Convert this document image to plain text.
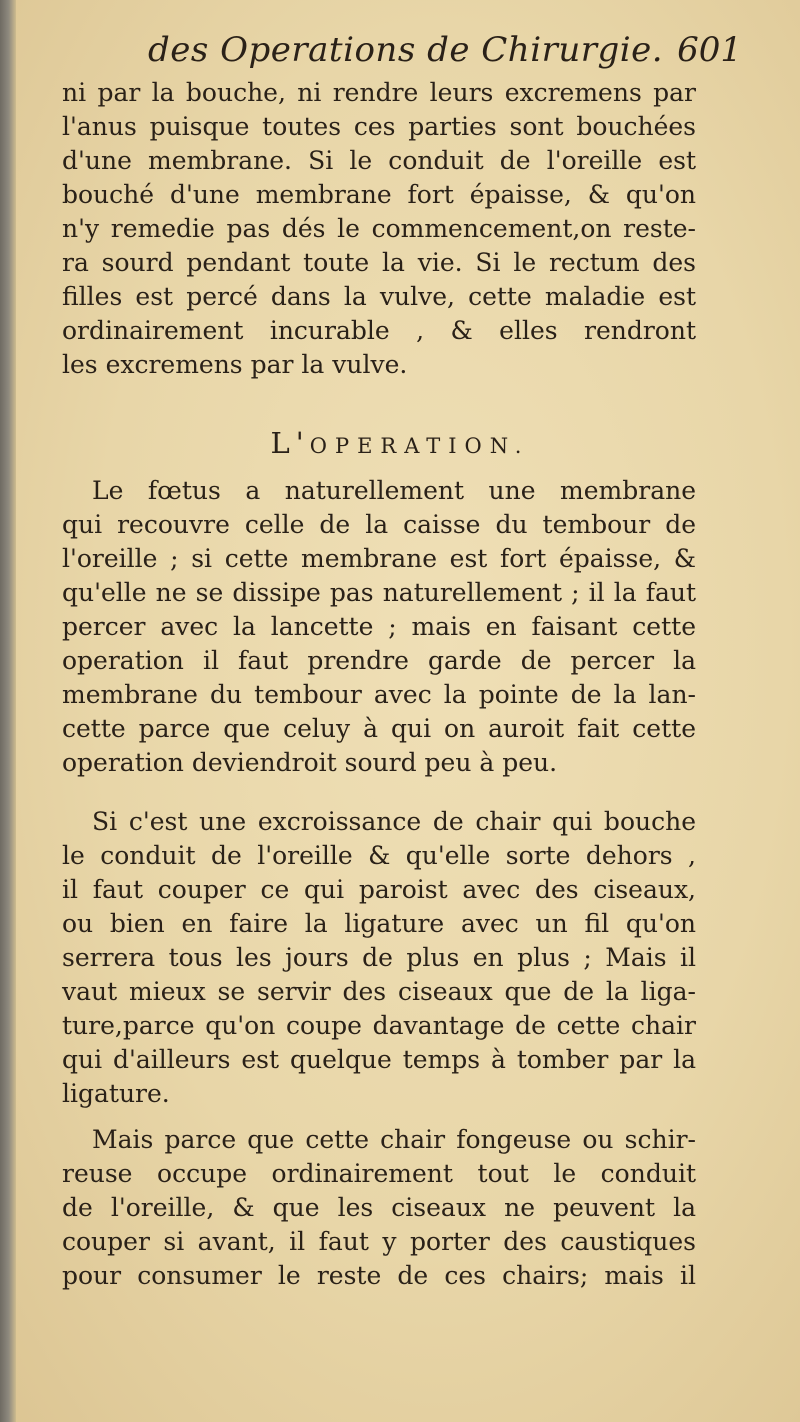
des Operations de Chirurgie. 601
ni par la bouche, ni rendre leurs excremens par
l'anus puisque toutes ces parties sont bouchées
d'une membrane. Si le conduit de l'oreille est
bouché d'une membrane fort épaisse, & qu'on
n'y remedie pas dés le commencement,on reste-
ra sourd pendant toute la vie. Si le rectum des
filles est percé dans la vulve, cette maladie est
ordinairement incurable , & elles rendront
les excremens par la vulve.
L'OPERATION.
Le fœtus a naturellement une membrane
qui recouvre celle de la caisse du tembour de
l'oreille ; si cette membrane est fort épaisse, &
qu'elle ne se dissipe pas naturellement ; il la faut
percer avec la lancette ; mais en faisant cette
operation il faut prendre garde de percer la
membrane du tembour avec la pointe de la lan-
cette parce que celuy à qui on auroit fait cette
operation deviendroit sourd peu à peu.
Si c'est une excroissance de chair qui bouche
le conduit de l'oreille & qu'elle sorte dehors ,
il faut couper ce qui paroist avec des ciseaux,
ou bien en faire la ligature avec un fil qu'on
serrera tous les jours de plus en plus ; Mais il
vaut mieux se servir des ciseaux que de la liga-
ture,parce qu'on coupe davantage de cette chair
qui d'ailleurs est quelque temps à tomber par la
ligature.
Mais parce que cette chair fongeuse ou schir-
reuse occupe ordinairement tout le conduit
de l'oreille, & que les ciseaux ne peuvent la
couper si avant, il faut y porter des caustiques
pour consumer le reste de ces chairs; mais il
